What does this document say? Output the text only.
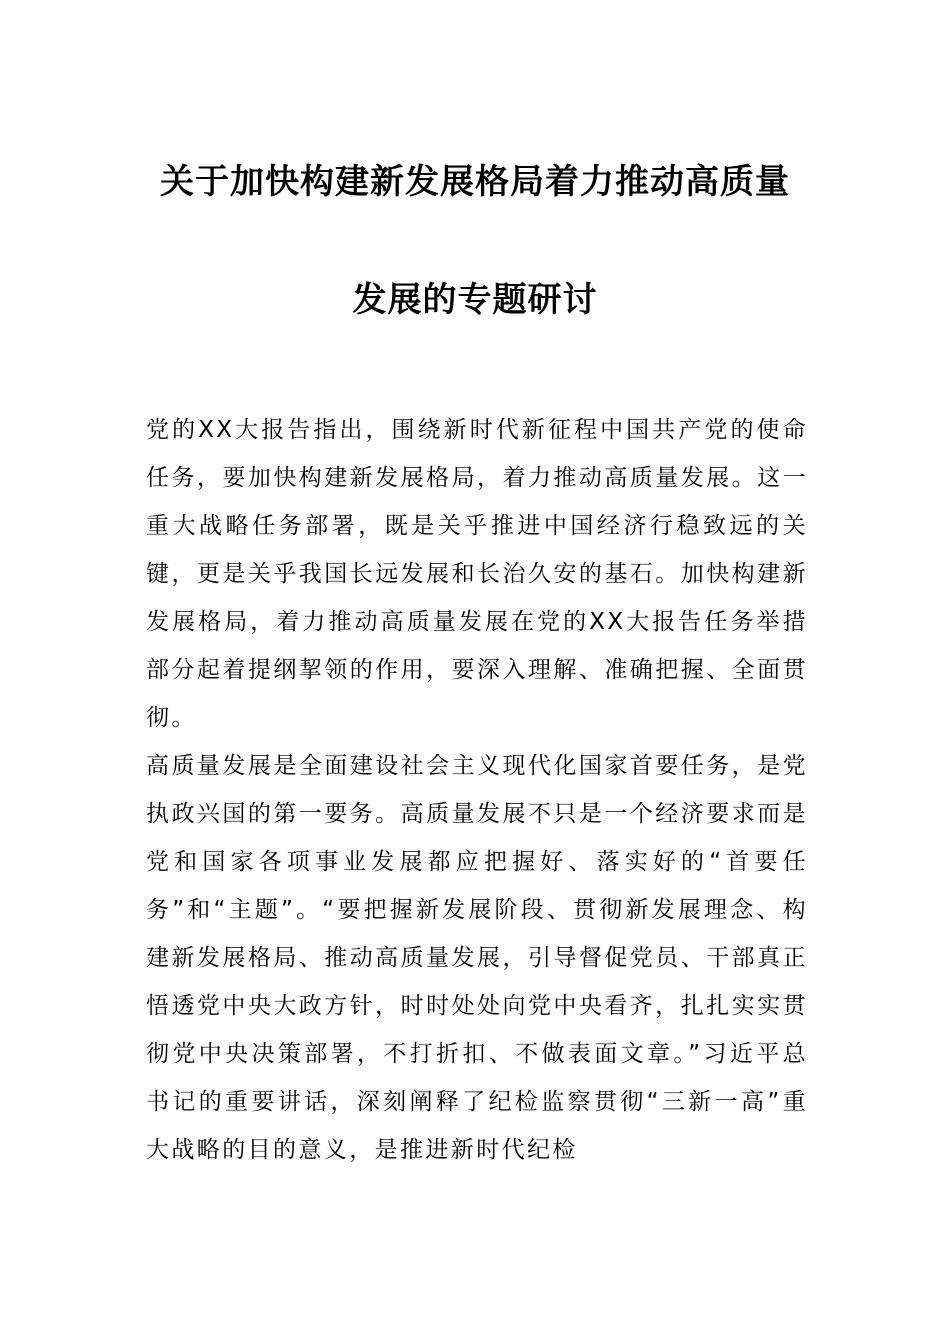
关于加快构建新发展格局着力推动高质量
发展的专题研讨
党的XX大报告指出，围绕新时代新征程中国共产党的使命任务，要加快构建新发展格局，着力推动高质量发展。这一重大战略任务部署，既是关乎推进中国经济行稳致远的关键，更是关乎我国长远发展和长治久安的基石。加快构建新发展格局，着力推动高质量发展在党的XX大报告任务举措部分起着提纲挈领的作用，要深入理解、准确把握、全面贯彻。
高质量发展是全面建设社会主义现代化国家首要任务，是党执政兴国的第一要务。高质量发展不只是一个经济要求而是党和国家各项事业发展都应把握好、落实好的“首要任务”和“主题”。“要把握新发展阶段、贯彻新发展理念、构建新发展格局、推动高质量发展，引导督促党员、干部真正悟透党中央大政方针，时时处处向党中央看齐，扎扎实实贯彻党中央决策部署，不打折扣、不做表面文章。”习近平总书记的重要讲话，深刻阐释了纪检监察贯彻“三新一高”重大战略的目的意义，是推进新时代纪检
